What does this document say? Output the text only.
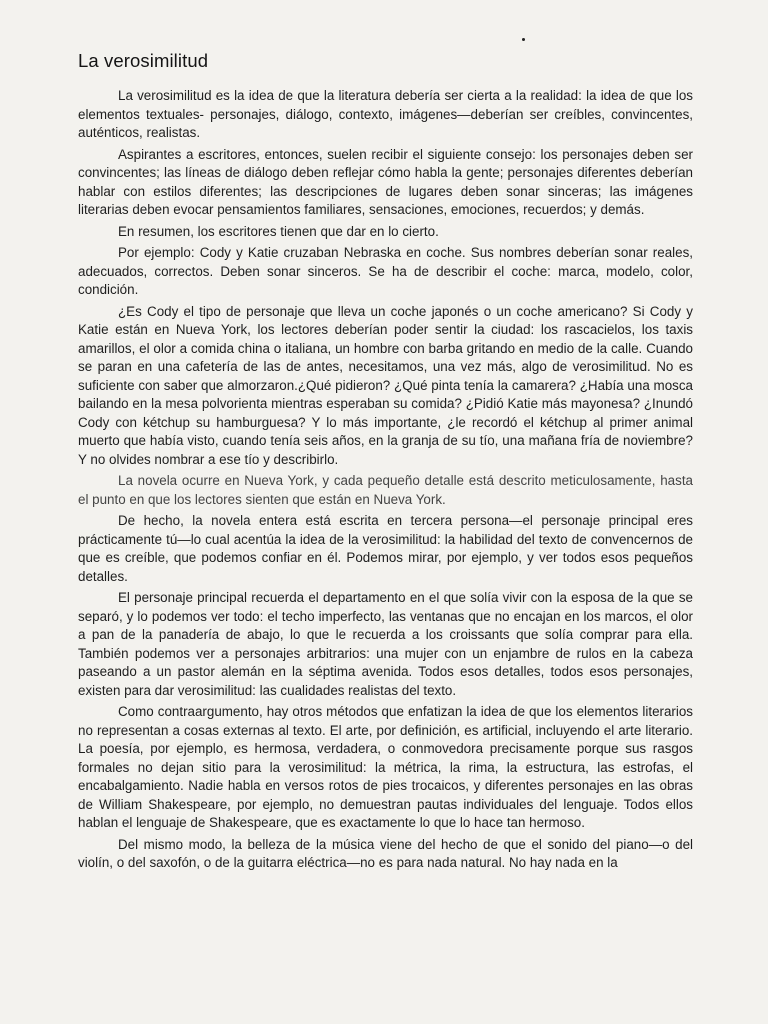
La verosimilitud

La verosimilitud es la idea de que la literatura debería ser cierta a la realidad: la idea de que los elementos textuales- personajes, diálogo, contexto, imágenes—deberían ser creíbles, convincentes, auténticos, realistas.

Aspirantes a escritores, entonces, suelen recibir el siguiente consejo: los personajes deben ser convincentes; las líneas de diálogo deben reflejar cómo habla la gente; personajes diferentes deberían hablar con estilos diferentes; las descripciones de lugares deben sonar sinceras; las imágenes literarias deben evocar pensamientos familiares, sensaciones, emociones, recuerdos; y demás.

En resumen, los escritores tienen que dar en lo cierto.

Por ejemplo: Cody y Katie cruzaban Nebraska en coche. Sus nombres deberían sonar reales, adecuados, correctos. Deben sonar sinceros. Se ha de describir el coche: marca, modelo, color, condición.

¿Es Cody el tipo de personaje que lleva un coche japonés o un coche americano? Si Cody y Katie están en Nueva York, los lectores deberían poder sentir la ciudad: los rascacielos, los taxis amarillos, el olor a comida china o italiana, un hombre con barba gritando en medio de la calle. Cuando se paran en una cafetería de las de antes, necesitamos, una vez más, algo de verosimilitud. No es suficiente con saber que almorzaron.¿Qué pidieron? ¿Qué pinta tenía la camarera? ¿Había una mosca bailando en la mesa polvorienta mientras esperaban su comida? ¿Pidió Katie más mayonesa? ¿Inundó Cody con kétchup su hamburguesa? Y lo más importante, ¿le recordó el kétchup al primer animal muerto que había visto, cuando tenía seis años, en la granja de su tío, una mañana fría de noviembre? Y no olvides nombrar a ese tío y describirlo.

La novela ocurre en Nueva York, y cada pequeño detalle está descrito meticulosamente, hasta el punto en que los lectores sienten que están en Nueva York.

De hecho, la novela entera está escrita en tercera persona—el personaje principal eres prácticamente tú—lo cual acentúa la idea de la verosimilitud: la habilidad del texto de convencernos de que es creíble, que podemos confiar en él. Podemos mirar, por ejemplo, y ver todos esos pequeños detalles.

El personaje principal recuerda el departamento en el que solía vivir con la esposa de la que se separó, y lo podemos ver todo: el techo imperfecto, las ventanas que no encajan en los marcos, el olor a pan de la panadería de abajo, lo que le recuerda a los croissants que solía comprar para ella. También podemos ver a personajes arbitrarios: una mujer con un enjambre de rulos en la cabeza paseando a un pastor alemán en la séptima avenida. Todos esos detalles, todos esos personajes, existen para dar verosimilitud: las cualidades realistas del texto.

Como contraargumento, hay otros métodos que enfatizan la idea de que los elementos literarios no representan a cosas externas al texto. El arte, por definición, es artificial, incluyendo el arte literario. La poesía, por ejemplo, es hermosa, verdadera, o conmovedora precisamente porque sus rasgos formales no dejan sitio para la verosimilitud: la métrica, la rima, la estructura, las estrofas, el encabalgamiento. Nadie habla en versos rotos de pies trocaicos, y diferentes personajes en las obras de William Shakespeare, por ejemplo, no demuestran pautas individuales del lenguaje. Todos ellos hablan el lenguaje de Shakespeare, que es exactamente lo que lo hace tan hermoso.

Del mismo modo, la belleza de la música viene del hecho de que el sonido del piano—o del violín, o del saxofón, o de la guitarra eléctrica—no es para nada natural. No hay nada en la
